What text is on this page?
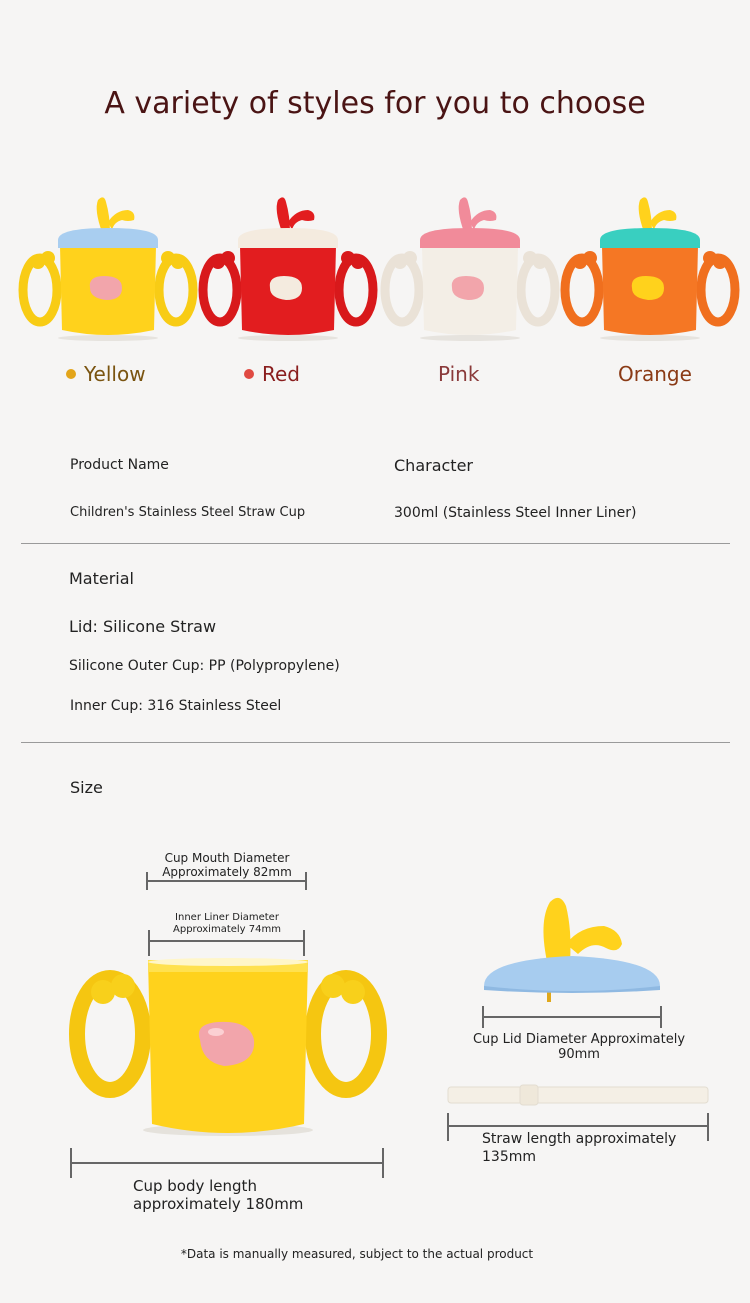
A variety of styles for you to choose
Yellow	Red	Pink	Orange
Product Name	Character
Children's Stainless Steel Straw Cup	300ml (Stainless Steel Inner Liner)
Material
Lid: Silicone Straw
Silicone Outer Cup: PP (Polypropylene)
Inner Cup: 316 Stainless Steel
Size
Cup Mouth Diameter
Approximately 82mm
Inner Liner Diameter
Approximately 74mm
Cup body length
approximately 180mm
Cup Lid Diameter Approximately
90mm
Straw length approximately
135mm
*Data is manually measured, subject to the actual product
